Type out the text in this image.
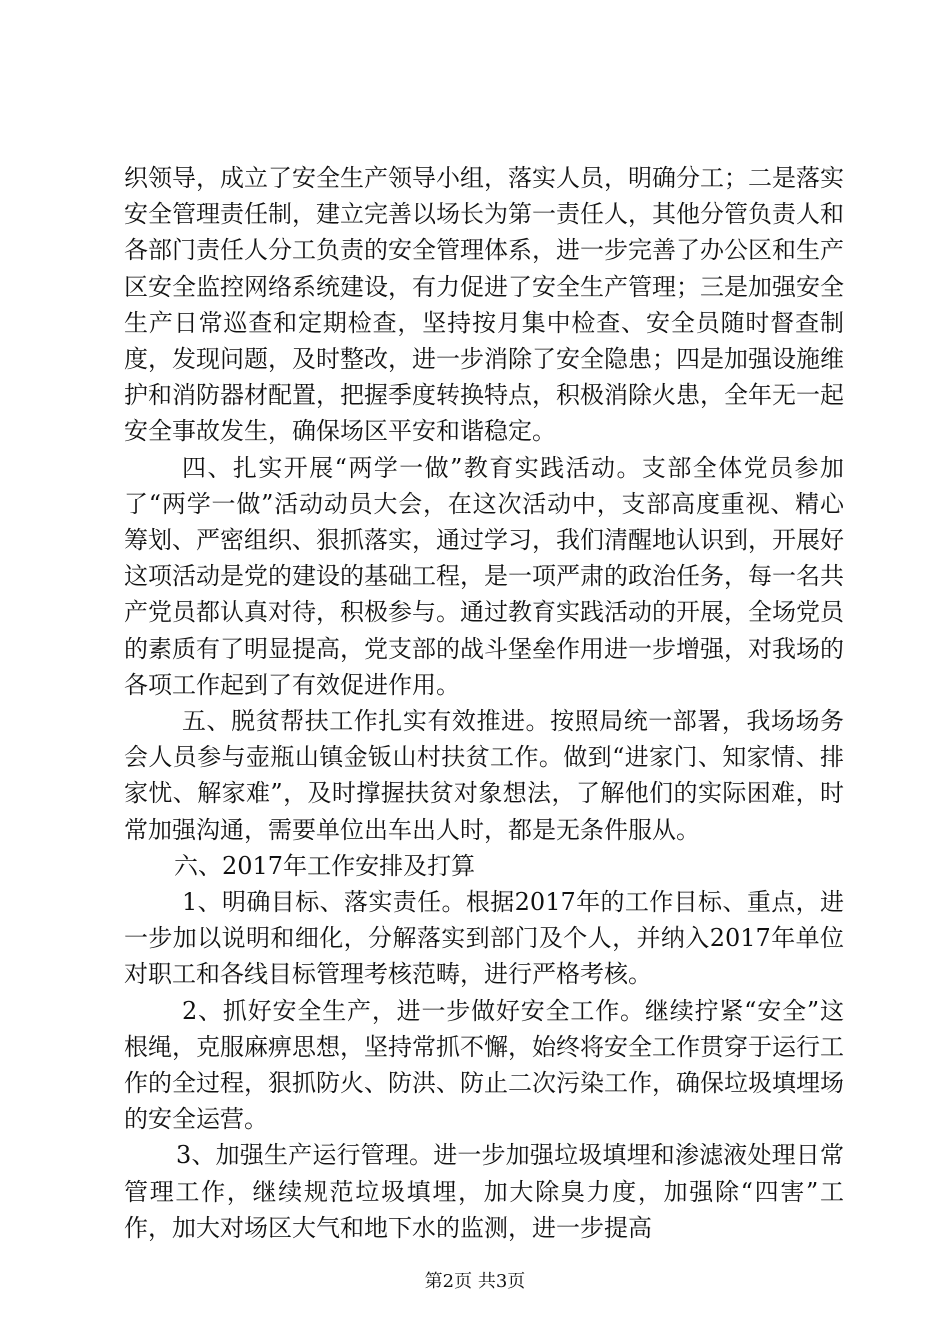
织领导，成立了安全生产领导小组，落实人员，明确分工；二是落实安全管理责任制，建立完善以场长为第一责任人，其他分管负责人和各部门责任人分工负责的安全管理体系，进一步完善了办公区和生产区安全监控网络系统建设，有力促进了安全生产管理；三是加强安全生产日常巡查和定期检查，坚持按月集中检查、安全员随时督查制度，发现问题，及时整改，进一步消除了安全隐患；四是加强设施维护和消防器材配置，把握季度转换特点，积极消除火患，全年无一起安全事故发生，确保场区平安和谐稳定。

四、扎实开展“两学一做”教育实践活动。支部全体党员参加了“两学一做”活动动员大会，在这次活动中，支部高度重视、精心筹划、严密组织、狠抓落实，通过学习，我们清醒地认识到，开展好这项活动是党的建设的基础工程，是一项严肃的政治任务，每一名共产党员都认真对待，积极参与。通过教育实践活动的开展，全场党员的素质有了明显提高，党支部的战斗堡垒作用进一步增强，对我场的各项工作起到了有效促进作用。

五、脱贫帮扶工作扎实有效推进。按照局统一部署，我场场务会人员参与壶瓶山镇金钣山村扶贫工作。做到“进家门、知家情、排家忧、解家难”，及时撑握扶贫对象想法，了解他们的实际困难，时常加强沟通，需要单位出车出人时，都是无条件服从。

六、2017年工作安排及打算

1、明确目标、落实责任。根据2017年的工作目标、重点，进一步加以说明和细化，分解落实到部门及个人，并纳入2017年单位对职工和各线目标管理考核范畴，进行严格考核。

2、抓好安全生产，进一步做好安全工作。继续拧紧“安全”这根绳，克服麻痹思想，坚持常抓不懈，始终将安全工作贯穿于运行工作的全过程，狠抓防火、防洪、防止二次污染工作，确保垃圾填埋场的安全运营。

3、加强生产运行管理。进一步加强垃圾填埋和渗滤液处理日常管理工作，继续规范垃圾填埋，加大除臭力度，加强除“四害”工作，加大对场区大气和地下水的监测，进一步提高

第2页 共3页
